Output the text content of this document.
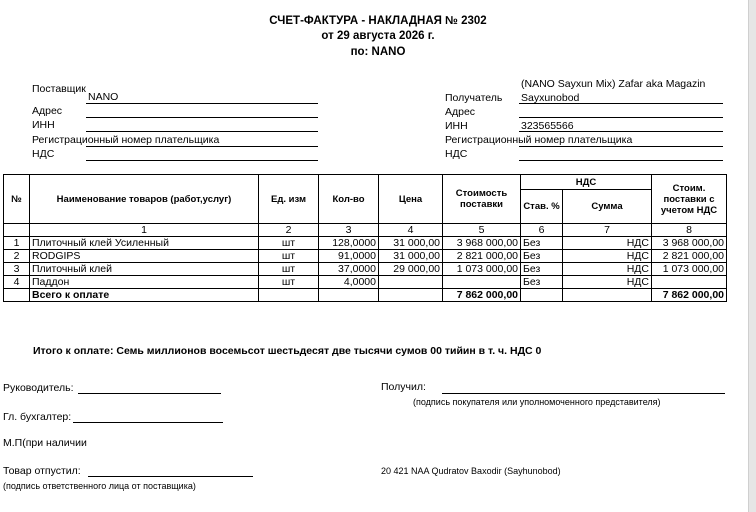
СЧЕТ-ФАКТУРА - НАКЛАДНАЯ № 2302
от 29 августа 2026 г.
по: NANO
Поставщик
NANO
Адрес
ИНН
Регистрационный номер плательщика
НДС
(NANO Sayxun Mix) Zafar aka Magazin
Получатель Sayxunobod
Адрес
ИНН	323565566
Регистрационный номер плательщика
НДС
№	Наименование товаров (работ,услуг)	Ед. изм	Кол-во	Цена	Стоимость поставки	НДС		Стоим. поставки с учетом НДС
						Став. %	Сумма	
	1	2	3	4	5	6	7	8
1	Плиточный клей Усиленный	шт	128,0000	31 000,00	3 968 000,00	Без	НДС	3 968 000,00
2	RODGIPS	шт	91,0000	31 000,00	2 821 000,00	Без	НДС	2 821 000,00
3	Плиточный клей	шт	37,0000	29 000,00	1 073 000,00	Без	НДС	1 073 000,00
4	Паддон	шт	4,0000			Без	НДС	
	Всего к оплате				7 862 000,00			7 862 000,00
Итого к оплате: Семь миллионов восемьсот шестьдесят две тысячи сумов 00 тийин в т. ч. НДС 0
Руководитель:
Гл. бухгалтер:
М.П(при наличии
Товар отпустил:
(подпись ответственного лица от поставщика)
Получил:
(подпись покупателя или уполномоченного представителя)
20 421 NAA Qudratov Baxodir (Sayhunobod)
